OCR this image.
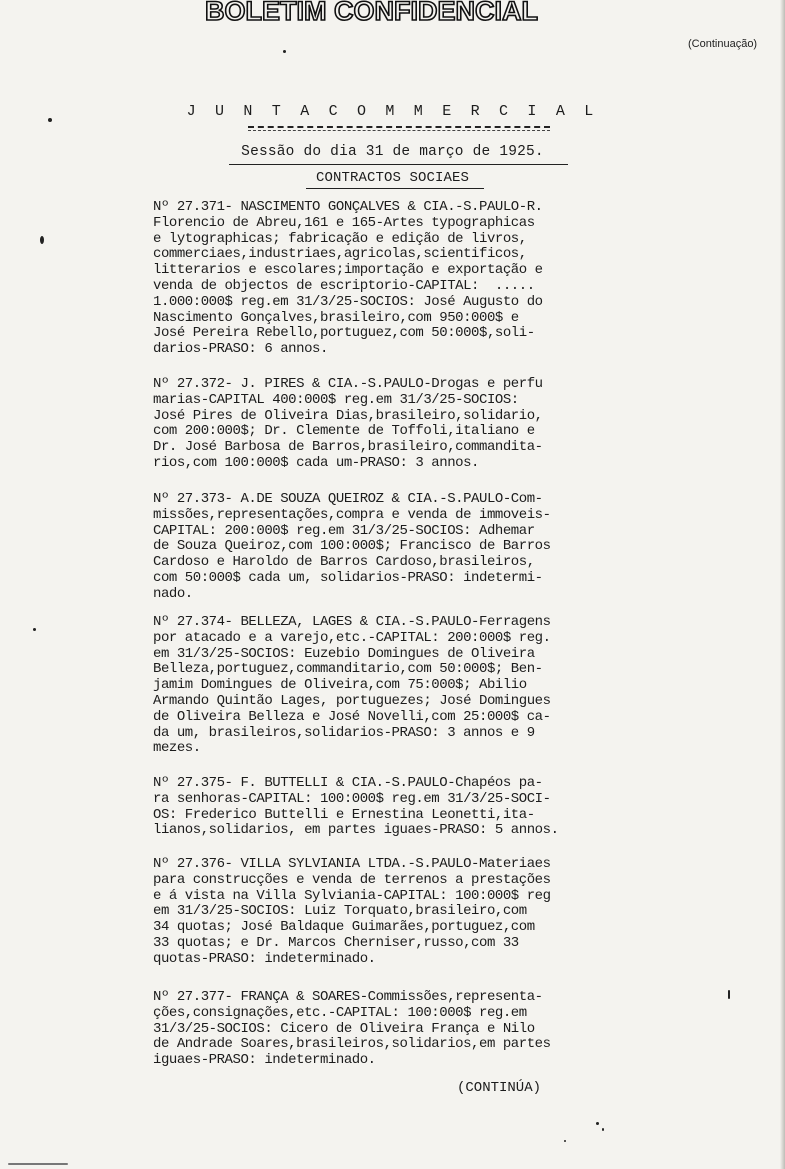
BOLETIM CONFIDENCIAL
(Continuação)
J U N T A C O M M E R C I A L
Sessão do dia 31 de março de 1925.
CONTRACTOS SOCIAES
Nº 27.371- NASCIMENTO GONÇALVES & CIA.-S.PAULO-R.
Florencio de Abreu,161 e 165-Artes typographicas
e lytographicas; fabricação e edição de livros,
commerciaes,industriaes,agricolas,scientificos,
litterarios e escolares;importação e exportação e
venda de objectos de escriptorio-CAPITAL:  .....
1.000:000$ reg.em 31/3/25-SOCIOS: José Augusto do
Nascimento Gonçalves,brasileiro,com 950:000$ e
José Pereira Rebello,portuguez,com 50:000$,soli-
darios-PRASO: 6 annos.
Nº 27.372- J. PIRES & CIA.-S.PAULO-Drogas e perfu
marias-CAPITAL 400:000$ reg.em 31/3/25-SOCIOS:
José Pires de Oliveira Dias,brasileiro,solidario,
com 200:000$; Dr. Clemente de Toffoli,italiano e
Dr. José Barbosa de Barros,brasileiro,commandita-
rios,com 100:000$ cada um-PRASO: 3 annos.
Nº 27.373- A.DE SOUZA QUEIROZ & CIA.-S.PAULO-Com-
missões,representações,compra e venda de immoveis-
CAPITAL: 200:000$ reg.em 31/3/25-SOCIOS: Adhemar
de Souza Queiroz,com 100:000$; Francisco de Barros
Cardoso e Haroldo de Barros Cardoso,brasileiros,
com 50:000$ cada um, solidarios-PRASO: indetermi-
nado.
Nº 27.374- BELLEZA, LAGES & CIA.-S.PAULO-Ferragens
por atacado e a varejo,etc.-CAPITAL: 200:000$ reg.
em 31/3/25-SOCIOS: Euzebio Domingues de Oliveira
Belleza,portuguez,commanditario,com 50:000$; Ben-
jamim Domingues de Oliveira,com 75:000$; Abilio
Armando Quintão Lages, portuguezes; José Domingues
de Oliveira Belleza e José Novelli,com 25:000$ ca-
da um, brasileiros,solidarios-PRASO: 3 annos e 9
mezes.
Nº 27.375- F. BUTTELLI & CIA.-S.PAULO-Chapéos pa-
ra senhoras-CAPITAL: 100:000$ reg.em 31/3/25-SOCI-
OS: Frederico Buttelli e Ernestina Leonetti,ita-
lianos,solidarios, em partes iguaes-PRASO: 5 annos.
Nº 27.376- VILLA SYLVIANIA LTDA.-S.PAULO-Materiaes
para construcções e venda de terrenos a prestações
e á vista na Villa Sylviania-CAPITAL: 100:000$ reg
em 31/3/25-SOCIOS: Luiz Torquato,brasileiro,com
34 quotas; José Baldaque Guimarães,portuguez,com
33 quotas; e Dr. Marcos Cherniser,russo,com 33
quotas-PRASO: indeterminado.
Nº 27.377- FRANÇA & SOARES-Commissões,representa-
ções,consignações,etc.-CAPITAL: 100:000$ reg.em
31/3/25-SOCIOS: Cicero de Oliveira França e Nilo
de Andrade Soares,brasileiros,solidarios,em partes
iguaes-PRASO: indeterminado.
(CONTINÚA)
